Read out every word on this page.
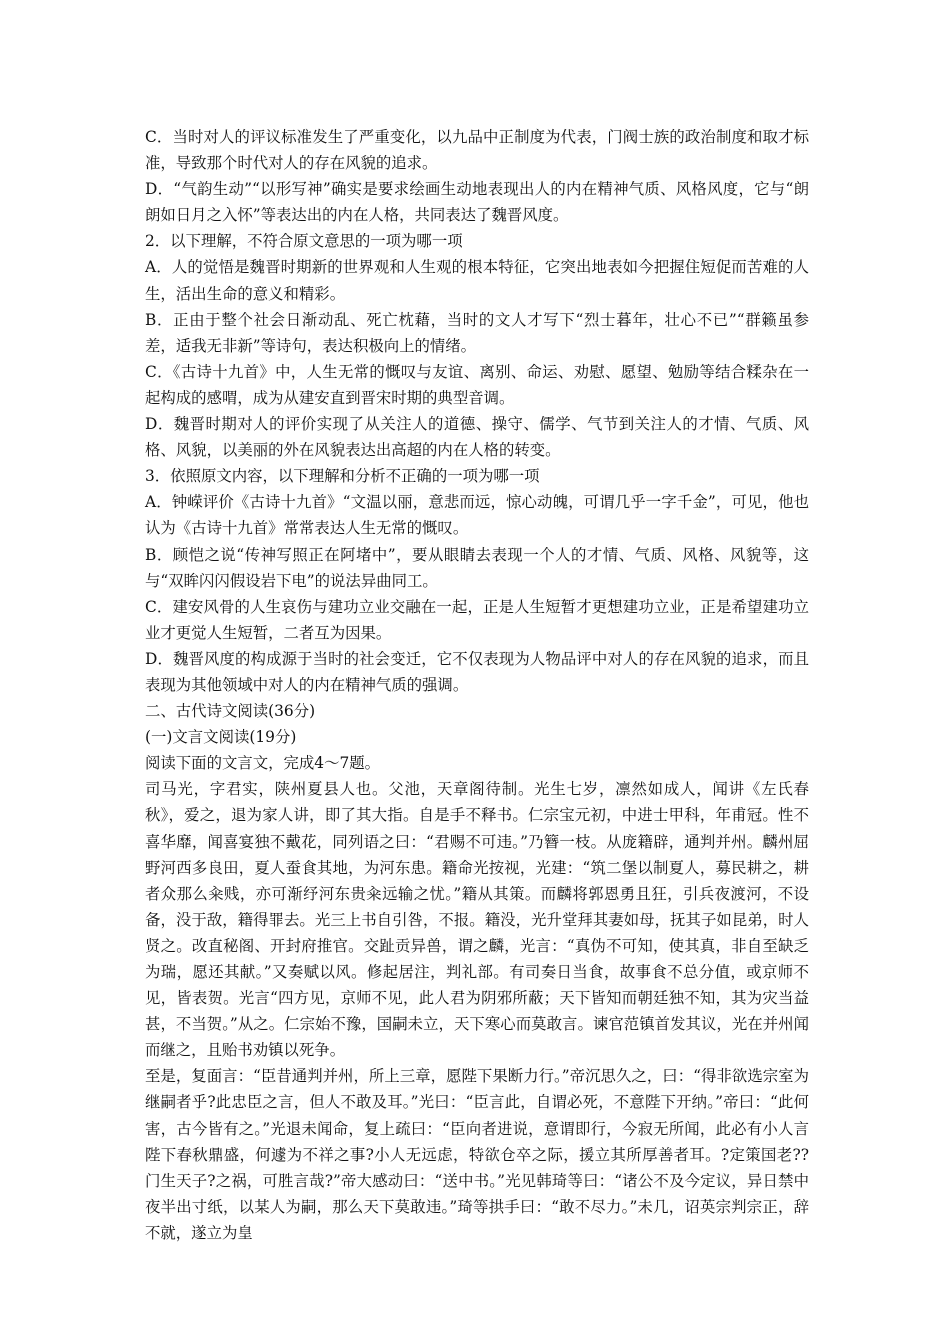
C．当时对人的评议标准发生了严重变化，以九品中正制度为代表，门阀士族的政治制度和取才标准，导致那个时代对人的存在风貌的追求。

D．“气韵生动”“以形写神”确实是要求绘画生动地表现出人的内在精神气质、风格风度，它与“朗朗如日月之入怀”等表达出的内在人格，共同表达了魏晋风度。

2．以下理解，不符合原文意思的一项为哪一项

A．人的觉悟是魏晋时期新的世界观和人生观的根本特征，它突出地表如今把握住短促而苦难的人生，活出生命的意义和精彩。

B．正由于整个社会日渐动乱、死亡枕藉，当时的文人才写下“烈士暮年，壮心不已”“群籁虽参差，适我无非新”等诗句，表达积极向上的情绪。

C．《古诗十九首》中，人生无常的慨叹与友谊、离别、命运、劝慰、愿望、勉励等结合糅杂在一起构成的感喟，成为从建安直到晋宋时期的典型音调。

D．魏晋时期对人的评价实现了从关注人的道德、操守、儒学、气节到关注人的才情、气质、风格、风貌，以美丽的外在风貌表达出高超的内在人格的转变。

3．依照原文内容，以下理解和分析不正确的一项为哪一项

A．钟嵘评价《古诗十九首》“文温以丽，意悲而远，惊心动魄，可谓几乎一字千金”，可见，他也认为《古诗十九首》常常表达人生无常的慨叹。

B．顾恺之说“传神写照正在阿堵中”，要从眼睛去表现一个人的才情、气质、风格、风貌等，这与“双眸闪闪假设岩下电”的说法异曲同工。

C．建安风骨的人生哀伤与建功立业交融在一起，正是人生短暂才更想建功立业，正是希望建功立业才更觉人生短暂，二者互为因果。

D．魏晋风度的构成源于当时的社会变迁，它不仅表现为人物品评中对人的存在风貌的追求，而且表现为其他领域中对人的内在精神气质的强调。

二、古代诗文阅读(36分)

(一)文言文阅读(19分)

阅读下面的文言文，完成4～7题。

司马光，字君实，陕州夏县人也。父池，天章阁待制。光生七岁，凛然如成人，闻讲《左氏春秋》，爱之，退为家人讲，即了其大指。自是手不释书。仁宗宝元初，中进士甲科，年甫冠。性不喜华靡，闻喜宴独不戴花，同列语之曰：“君赐不可违。”乃簪一枝。从庞籍辟，通判并州。麟州屈野河西多良田，夏人蚕食其地，为河东患。籍命光按视，光建：“筑二堡以制夏人，募民耕之，耕者众那么籴贱，亦可渐纾河东贵籴远输之忧。”籍从其策。而麟将郭恩勇且狂，引兵夜渡河，不设备，没于敌，籍得罪去。光三上书自引咎，不报。籍没，光升堂拜其妻如母，抚其子如昆弟，时人贤之。改直秘阁、开封府推官。交趾贡异兽，谓之麟，光言：“真伪不可知，使其真，非自至缺乏为瑞，愿还其献。”又奏赋以风。修起居注，判礼部。有司奏日当食，故事食不总分值，或京师不见，皆表贺。光言“四方见，京师不见，此人君为阴邪所蔽；天下皆知而朝廷独不知，其为灾当益甚，不当贺。”从之。仁宗始不豫，国嗣未立，天下寒心而莫敢言。谏官范镇首发其议，光在并州闻而继之，且贻书劝镇以死争。

至是，复面言：“臣昔通判并州，所上三章，愿陛下果断力行。”帝沉思久之，曰：“得非欲选宗室为继嗣者乎?此忠臣之言，但人不敢及耳。”光曰：“臣言此，自谓必死，不意陛下开纳。”帝曰：“此何害，古今皆有之。”光退未闻命，复上疏曰：“臣向者进说，意谓即行，今寂无所闻，此必有小人言陛下春秋鼎盛，何遽为不祥之事?小人无远虑，特欲仓卒之际，援立其所厚善者耳。?定策国老??门生天子?之祸，可胜言哉?”帝大感动曰：“送中书。”光见韩琦等曰：“诸公不及今定议，异日禁中夜半出寸纸，以某人为嗣，那么天下莫敢违。”琦等拱手曰：“敢不尽力。”未几，诏英宗判宗正，辞不就，遂立为皇
